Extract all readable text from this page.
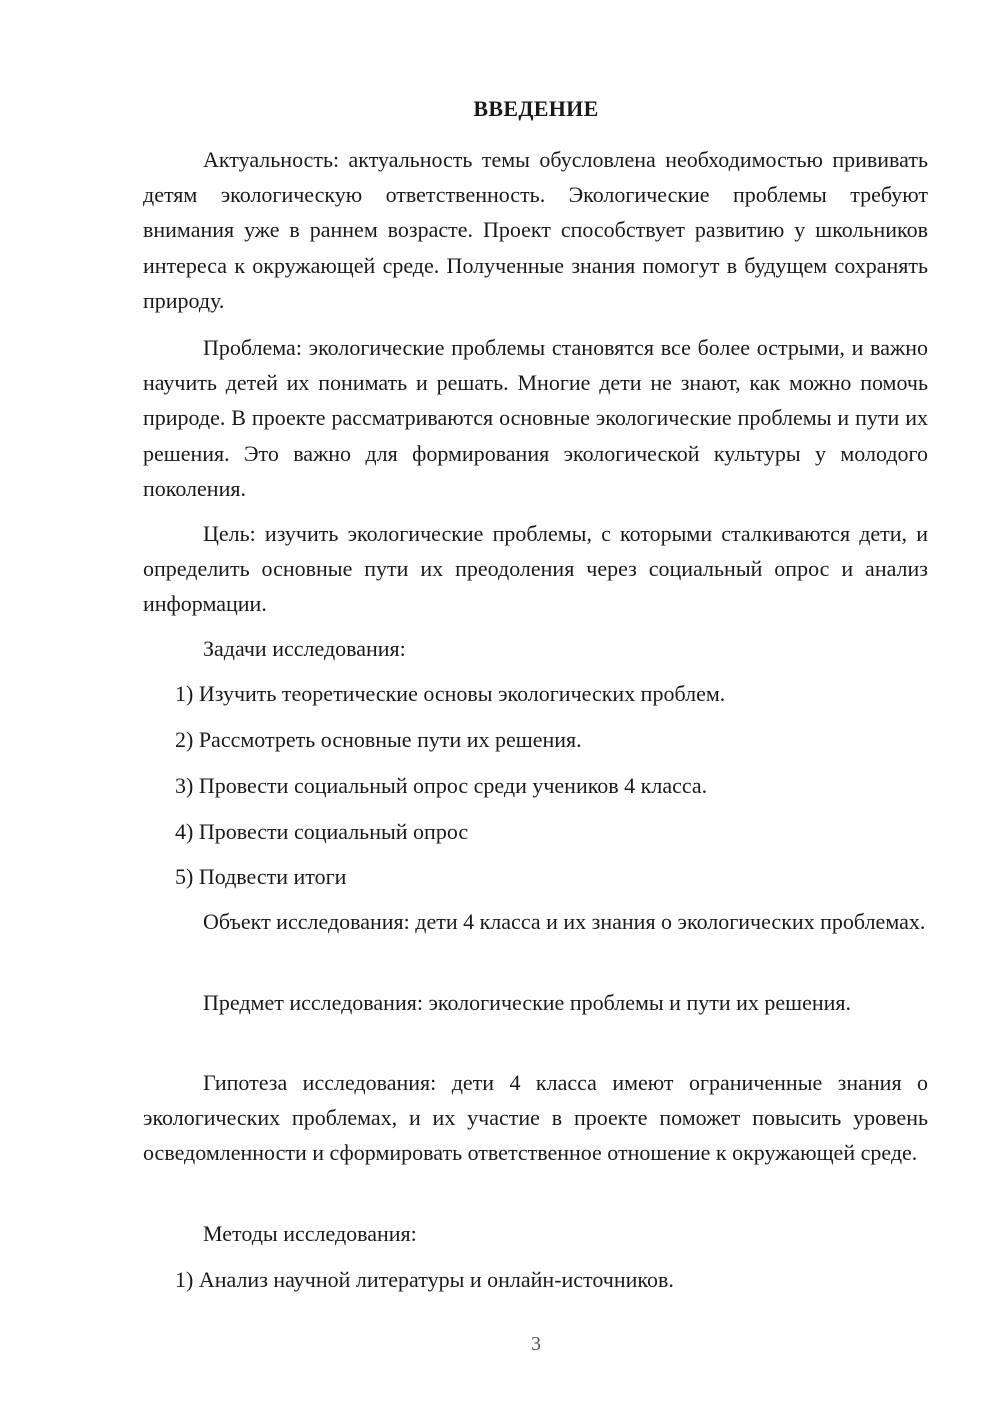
ВВЕДЕНИЕ

Актуальность: актуальность темы обусловлена необходимостью прививать детям экологическую ответственность. Экологические проблемы требуют внимания уже в раннем возрасте. Проект способствует развитию у школьников интереса к окружающей среде. Полученные знания помогут в будущем сохранять природу.

Проблема: экологические проблемы становятся все более острыми, и важно научить детей их понимать и решать. Многие дети не знают, как можно помочь природе. В проекте рассматриваются основные экологические проблемы и пути их решения. Это важно для формирования экологической культуры у молодого поколения.

Цель: изучить экологические проблемы, с которыми сталкиваются дети, и определить основные пути их преодоления через социальный опрос и анализ информации.

Задачи исследования:

1) Изучить теоретические основы экологических проблем.

2) Рассмотреть основные пути их решения.

3) Провести социальный опрос среди учеников 4 класса.

4) Провести социальный опрос

5) Подвести итоги

Объект исследования: дети 4 класса и их знания о экологических проблемах.

Предмет исследования: экологические проблемы и пути их решения.

Гипотеза исследования: дети 4 класса имеют ограниченные знания о экологических проблемах, и их участие в проекте поможет повысить уровень осведомленности и сформировать ответственное отношение к окружающей среде.

Методы исследования:

1) Анализ научной литературы и онлайн-источников.

3
